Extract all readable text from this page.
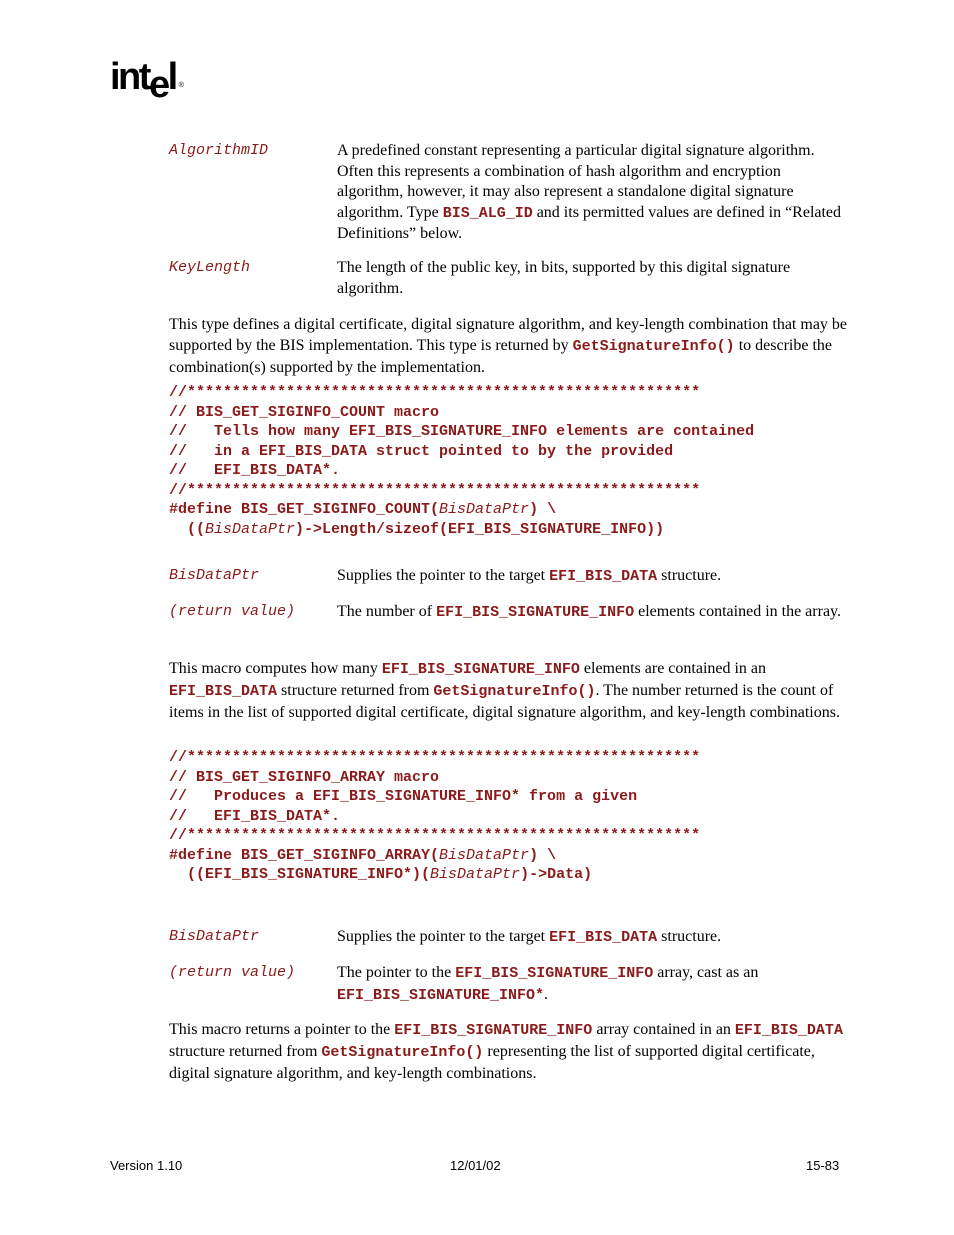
intel ®
AlgorithmID	A predefined constant representing a particular digital signature algorithm. Often this represents a combination of hash algorithm and encryption algorithm, however, it may also represent a standalone digital signature algorithm. Type BIS_ALG_ID and its permitted values are defined in “Related Definitions” below.
KeyLength	The length of the public key, in bits, supported by this digital signature algorithm.
This type defines a digital certificate, digital signature algorithm, and key-length combination that may be supported by the BIS implementation. This type is returned by GetSignatureInfo() to describe the combination(s) supported by the implementation.
//*********************************************************
// BIS_GET_SIGINFO_COUNT macro
//   Tells how many EFI_BIS_SIGNATURE_INFO elements are contained
//   in a EFI_BIS_DATA struct pointed to by the provided
//   EFI_BIS_DATA*.
//*********************************************************
#define BIS_GET_SIGINFO_COUNT(BisDataPtr) \
((BisDataPtr)->Length/sizeof(EFI_BIS_SIGNATURE_INFO))
BisDataPtr	Supplies the pointer to the target EFI_BIS_DATA structure.
(return value)	The number of EFI_BIS_SIGNATURE_INFO elements contained in the array.
This macro computes how many EFI_BIS_SIGNATURE_INFO elements are contained in an EFI_BIS_DATA structure returned from GetSignatureInfo(). The number returned is the count of items in the list of supported digital certificate, digital signature algorithm, and key-length combinations.
//*********************************************************
// BIS_GET_SIGINFO_ARRAY macro
//   Produces a EFI_BIS_SIGNATURE_INFO* from a given
//   EFI_BIS_DATA*.
//*********************************************************
#define BIS_GET_SIGINFO_ARRAY(BisDataPtr) \
((EFI_BIS_SIGNATURE_INFO*)(BisDataPtr)->Data)
BisDataPtr	Supplies the pointer to the target EFI_BIS_DATA structure.
(return value)	The pointer to the EFI_BIS_SIGNATURE_INFO array, cast as an EFI_BIS_SIGNATURE_INFO*.
This macro returns a pointer to the EFI_BIS_SIGNATURE_INFO array contained in an EFI_BIS_DATA structure returned from GetSignatureInfo() representing the list of supported digital certificate, digital signature algorithm, and key-length combinations.
Version 1.10	12/01/02	15-83
